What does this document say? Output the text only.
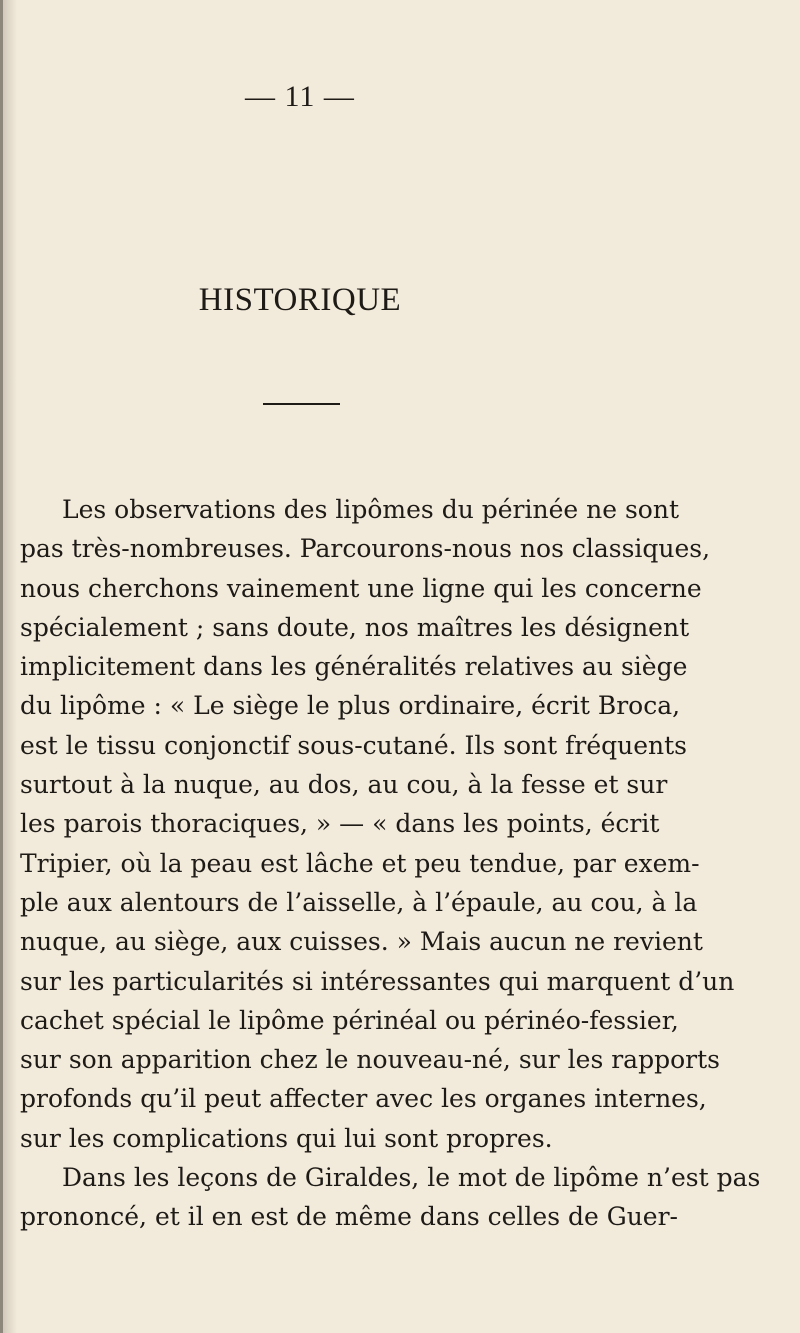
— 11 —
HISTORIQUE
Les observations des lipômes du périnée ne sont
pas très-nombreuses. Parcourons-nous nos classiques,
nous cherchons vainement une ligne qui les concerne
spécialement ; sans doute, nos maîtres les désignent
implicitement dans les généralités relatives au siège
du lipôme : « Le siège le plus ordinaire, écrit Broca,
est le tissu conjonctif sous-cutané. Ils sont fréquents
surtout à la nuque, au dos, au cou, à la fesse et sur
les parois thoraciques, » — « dans les points, écrit
Tripier, où la peau est lâche et peu tendue, par exem-
ple aux alentours de l’aisselle, à l’épaule, au cou, à la
nuque, au siège, aux cuisses. » Mais aucun ne revient
sur les particularités si intéressantes qui marquent d’un
cachet spécial le lipôme périnéal ou périnéo-fessier,
sur son apparition chez le nouveau-né, sur les rapports
profonds qu’il peut affecter avec les organes internes,
sur les complications qui lui sont propres.
Dans les leçons de Giraldes, le mot de lipôme n’est pas
prononcé, et il en est de même dans celles de Guer-
